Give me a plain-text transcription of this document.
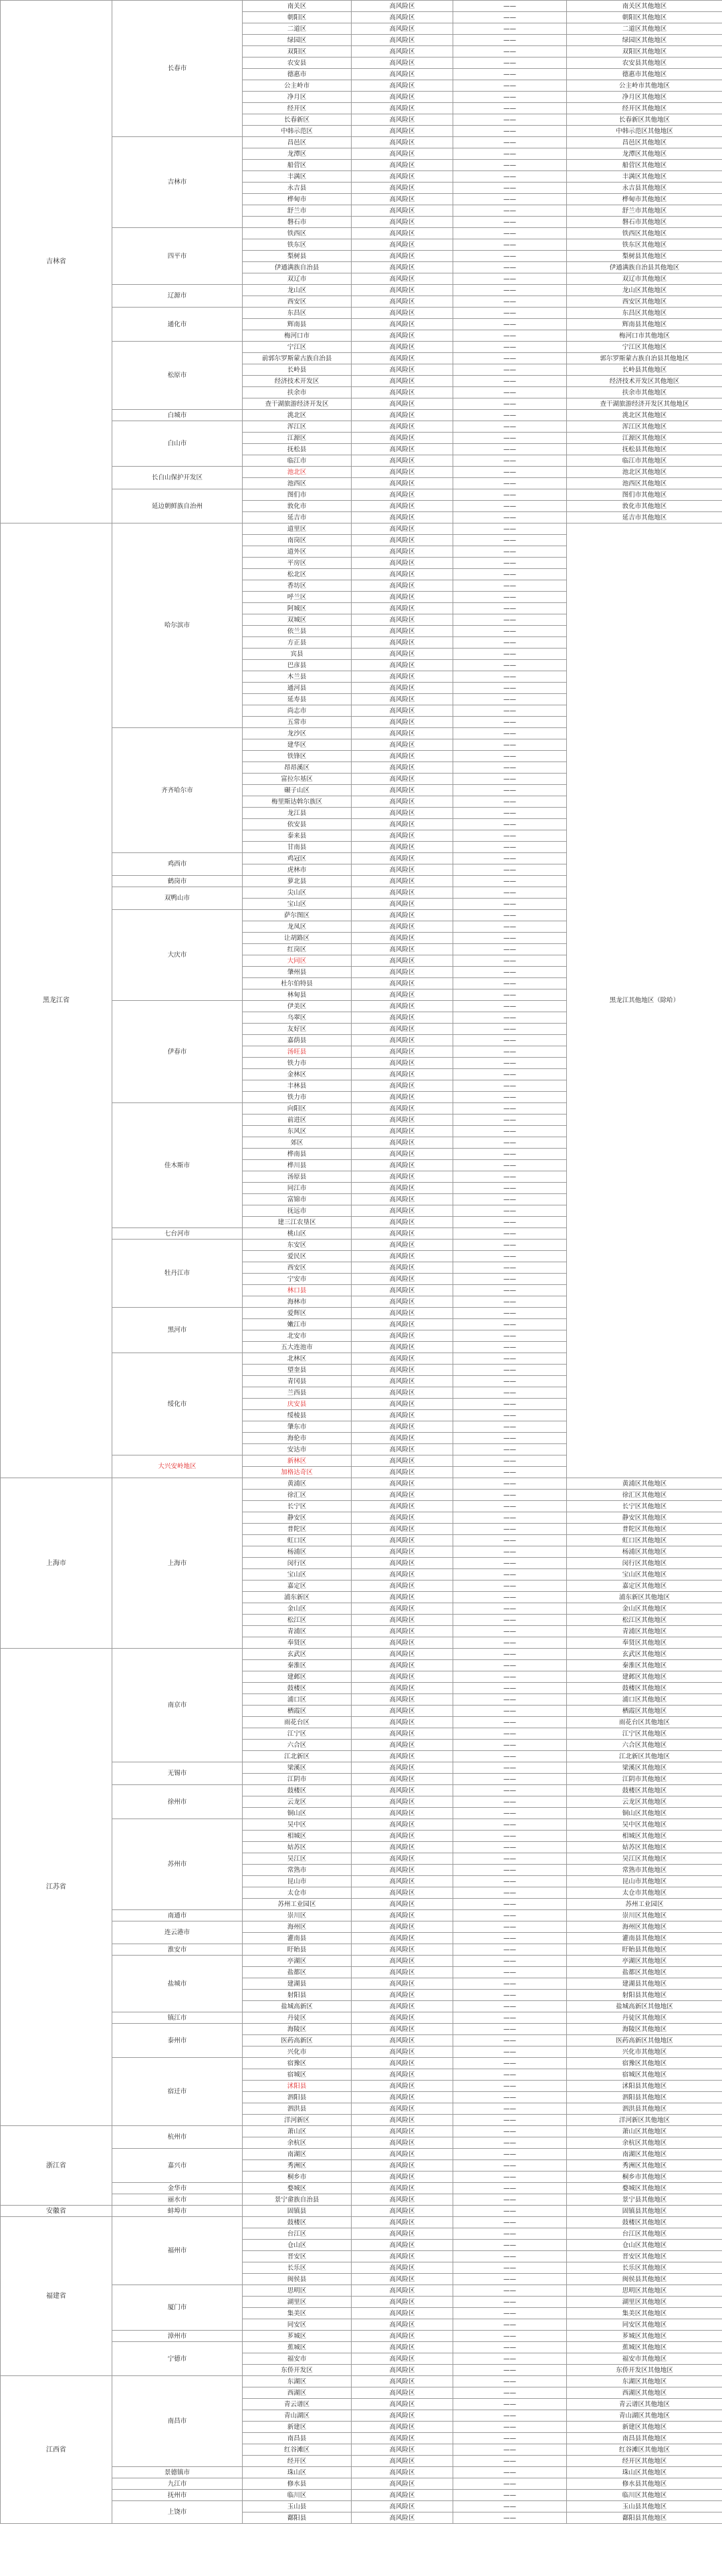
吉林省	长春市	南关区	高风险区	——	南关区其他地区	
		朝阳区	高风险区	——	朝阳区其他地区	
		二道区	高风险区	——	二道区其他地区	
		绿园区	高风险区	——	绿园区其他地区	
		双阳区	高风险区	——	双阳区其他地区	
		农安县	高风险区	——	农安县其他地区	
		德惠市	高风险区	——	德惠市其他地区	
		公主岭市	高风险区	——	公主岭市其他地区	
		净月区	高风险区	——	净月区其他地区	
		经开区	高风险区	——	经开区其他地区	
		长春新区	高风险区	——	长春新区其他地区	
		中韩示范区	高风险区	——	中韩示范区其他地区	
	吉林市	昌邑区	高风险区	——	昌邑区其他地区	
		龙潭区	高风险区	——	龙潭区其他地区	
		船营区	高风险区	——	船营区其他地区	
		丰满区	高风险区	——	丰满区其他地区	
		永吉县	高风险区	——	永吉县其他地区	
		桦甸市	高风险区	——	桦甸市其他地区	
		舒兰市	高风险区	——	舒兰市其他地区	
		磐石市	高风险区	——	磐石市其他地区	
	四平市	铁西区	高风险区	——	铁西区其他地区	
		铁东区	高风险区	——	铁东区其他地区	
		梨树县	高风险区	——	梨树县其他地区	
		伊通满族自治县	高风险区	——	伊通满族自治县其他地区	
		双辽市	高风险区	——	双辽市其他地区	
	辽源市	龙山区	高风险区	——	龙山区其他地区	
		西安区	高风险区	——	西安区其他地区	
	通化市	东昌区	高风险区	——	东昌区其他地区	
		辉南县	高风险区	——	辉南县其他地区	
		梅河口市	高风险区	——	梅河口市其他地区	
	松原市	宁江区	高风险区	——	宁江区其他地区	
		前郭尔罗斯蒙古族自治县	高风险区	——	郭尔罗斯蒙古族自治县其他地区	
		长岭县	高风险区	——	长岭县其他地区	
		经济技术开发区	高风险区	——	经济技术开发区其他地区	
		扶余市	高风险区	——	扶余市其他地区	
		查干湖旅游经济开发区	高风险区	——	查干湖旅游经济开发区其他地区	
	白城市	洮北区	高风险区	——	洮北区其他地区	
	白山市	浑江区	高风险区	——	浑江区其他地区	
		江源区	高风险区	——	江源区其他地区	
		抚松县	高风险区	——	抚松县其他地区	
		临江市	高风险区	——	临江市其他地区	
	长白山保护开发区	池北区	高风险区	——	池北区其他地区	
		池西区	高风险区	——	池西区其他地区	
	延边朝鲜族自治州	图们市	高风险区	——	图们市其他地区	
		敦化市	高风险区	——	敦化市其他地区	
		延吉市	高风险区	——	延吉市其他地区	
黑龙江省	哈尔滨市	道里区	高风险区	——	黑龙江其他地区（除哈）	
		南岗区	高风险区	——	
		道外区	高风险区	——	
		平房区	高风险区	——	
		松北区	高风险区	——	
		香坊区	高风险区	——	
		呼兰区	高风险区	——	
		阿城区	高风险区	——	
		双城区	高风险区	——	
		依兰县	高风险区	——	
		方正县	高风险区	——	
		宾县	高风险区	——	
		巴彦县	高风险区	——	
		木兰县	高风险区	——	
		通河县	高风险区	——	
		延寿县	高风险区	——	
		尚志市	高风险区	——	
		五常市	高风险区	——	
	齐齐哈尔市	龙沙区	高风险区	——	
		建华区	高风险区	——	
		铁锋区	高风险区	——	
		昂昂溪区	高风险区	——	
		富拉尔基区	高风险区	——	
		碾子山区	高风险区	——	
		梅里斯达斡尔族区	高风险区	——	
		龙江县	高风险区	——	
		依安县	高风险区	——	
		泰来县	高风险区	——	
		甘南县	高风险区	——	
	鸡西市	鸡冠区	高风险区	——	
		虎林市	高风险区	——	
	鹤岗市	萝北县	高风险区	——	
	双鸭山市	尖山区	高风险区	——	
		宝山区	高风险区	——	
	大庆市	萨尔图区	高风险区	——	
		龙凤区	高风险区	——	
		让胡路区	高风险区	——	
		红岗区	高风险区	——	
		大同区	高风险区	——	
		肇州县	高风险区	——	
		杜尔伯特县	高风险区	——	
		林甸县	高风险区	——	
	伊春市	伊美区	高风险区	——	
		乌翠区	高风险区	——	
		友好区	高风险区	——	
		嘉荫县	高风险区	——	
		汤旺县	高风险区	——	
		铁力市	高风险区	——	
		金林区	高风险区	——	
		丰林县	高风险区	——	
		铁力市	高风险区	——	
	佳木斯市	向阳区	高风险区	——	
		前进区	高风险区	——	
		东风区	高风险区	——	
		郊区	高风险区	——	
		桦南县	高风险区	——	
		桦川县	高风险区	——	
		汤原县	高风险区	——	
		同江市	高风险区	——	
		富锦市	高风险区	——	
		抚远市	高风险区	——	
		建三江农垦区	高风险区	——	
	七台河市	桃山区	高风险区	——	
	牡丹江市	东安区	高风险区	——	
		爱民区	高风险区	——	
		西安区	高风险区	——	
		宁安市	高风险区	——	
		林口县	高风险区	——	
		海林市	高风险区	——	
	黑河市	爱辉区	高风险区	——	
		嫩江市	高风险区	——	
		北安市	高风险区	——	
		五大连池市	高风险区	——	
	绥化市	北林区	高风险区	——	
		望奎县	高风险区	——	
		青冈县	高风险区	——	
		兰西县	高风险区	——	
		庆安县	高风险区	——	
		绥棱县	高风险区	——	
		肇东市	高风险区	——	
		海伦市	高风险区	——	
		安达市	高风险区	——	
	大兴安岭地区	新林区	高风险区	——	
		加格达奇区	高风险区	——	
上海市	上海市	黄浦区	高风险区	——	黄浦区其他地区	
		徐汇区	高风险区	——	徐汇区其他地区	
		长宁区	高风险区	——	长宁区其他地区	
		静安区	高风险区	——	静安区其他地区	
		普陀区	高风险区	——	普陀区其他地区	
		虹口区	高风险区	——	虹口区其他地区	
		杨浦区	高风险区	——	杨浦区其他地区	
		闵行区	高风险区	——	闵行区其他地区	
		宝山区	高风险区	——	宝山区其他地区	
		嘉定区	高风险区	——	嘉定区其他地区	
		浦东新区	高风险区	——	浦东新区其他地区	
		金山区	高风险区	——	金山区其他地区	
		松江区	高风险区	——	松江区其他地区	
		青浦区	高风险区	——	青浦区其他地区	
		奉贤区	高风险区	——	奉贤区其他地区	
江苏省	南京市	玄武区	高风险区	——	玄武区其他地区	
		秦淮区	高风险区	——	秦淮区其他地区	
		建邺区	高风险区	——	建邺区其他地区	
		鼓楼区	高风险区	——	鼓楼区其他地区	
		浦口区	高风险区	——	浦口区其他地区	
		栖霞区	高风险区	——	栖霞区其他地区	
		雨花台区	高风险区	——	雨花台区其他地区	
		江宁区	高风险区	——	江宁区其他地区	
		六合区	高风险区	——	六合区其他地区	
		江北新区	高风险区	——	江北新区其他地区	
	无锡市	梁溪区	高风险区	——	梁溪区其他地区	
		江阴市	高风险区	——	江阴市其他地区	
	徐州市	鼓楼区	高风险区	——	鼓楼区其他地区	
		云龙区	高风险区	——	云龙区其他地区	
		铜山区	高风险区	——	铜山区其他地区	
	苏州市	吴中区	高风险区	——	吴中区其他地区	
		相城区	高风险区	——	相城区其他地区	
		姑苏区	高风险区	——	姑苏区其他地区	
		吴江区	高风险区	——	吴江区其他地区	
		常熟市	高风险区	——	常熟市其他地区	
		昆山市	高风险区	——	昆山市其他地区	
		太仓市	高风险区	——	太仓市其他地区	
		苏州工业园区	高风险区	——	苏州工业园区	
	南通市	崇川区	高风险区	——	崇川区其他地区	
	连云港市	海州区	高风险区	——	海州区其他地区	
		灌南县	高风险区	——	灌南县其他地区	
	淮安市	盱眙县	高风险区	——	盱眙县其他地区	
	盐城市	亭湖区	高风险区	——	亭湖区其他地区	
		盐都区	高风险区	——	盐都区其他地区	
		建湖县	高风险区	——	建湖县其他地区	
		射阳县	高风险区	——	射阳县其他地区	
		盐城高新区	高风险区	——	盐城高新区其他地区	
	镇江市	丹徒区	高风险区	——	丹徒区其他地区	
	泰州市	海陵区	高风险区	——	海陵区其他地区	
		医药高新区	高风险区	——	医药高新区其他地区	
		兴化市	高风险区	——	兴化市其他地区	
	宿迁市	宿豫区	高风险区	——	宿豫区其他地区	
		宿城区	高风险区	——	宿城区其他地区	
		沭阳县	高风险区	——	沭阳县其他地区	
		泗阳县	高风险区	——	泗阳县其他地区	
		泗洪县	高风险区	——	泗洪县其他地区	
		洋河新区	高风险区	——	洋河新区其他地区	
浙江省	杭州市	萧山区	高风险区	——	萧山区其他地区	
		余杭区	高风险区	——	余杭区其他地区	
	嘉兴市	南湖区	高风险区	——	南湖区其他地区	
		秀洲区	高风险区	——	秀洲区其他地区	
		桐乡市	高风险区	——	桐乡市其他地区	
	金华市	婺城区	高风险区	——	婺城区其他地区	
	丽水市	景宁畲族自治县	高风险区	——	景宁县其他地区	
安徽省	蚌埠市	固镇县	高风险区	——	固镇县其他地区	
福建省	福州市	鼓楼区	高风险区	——	鼓楼区其他地区	
		台江区	高风险区	——	台江区其他地区	
		仓山区	高风险区	——	仓山区其他地区	
		晋安区	高风险区	——	晋安区其他地区	
		长乐区	高风险区	——	长乐区其他地区	
		闽侯县	高风险区	——	闽侯县其他地区	
	厦门市	思明区	高风险区	——	思明区其他地区	
		湖里区	高风险区	——	湖里区其他地区	
		集美区	高风险区	——	集美区其他地区	
		同安区	高风险区	——	同安区其他地区	
	漳州市	芗城区	高风险区	——	芗城区其他地区	
	宁德市	蕉城区	高风险区	——	蕉城区其他地区	
		福安市	高风险区	——	福安市其他地区	
		东侨开发区	高风险区	——	东侨开发区其他地区	
江西省	南昌市	东湖区	高风险区	——	东湖区其他地区	
		西湖区	高风险区	——	西湖区其他地区	
		青云谱区	高风险区	——	青云谱区其他地区	
		青山湖区	高风险区	——	青山湖区其他地区	
		新建区	高风险区	——	新建区其他地区	
		南昌县	高风险区	——	南昌县其他地区	
		红谷滩区	高风险区	——	红谷滩区其他地区	
		经开区	高风险区	——	经开区其他地区	
	景德镇市	珠山区	高风险区	——	珠山区其他地区	
	九江市	修水县	高风险区	——	修水县其他地区	
	抚州市	临川区	高风险区	——	临川区其他地区	
	上饶市	玉山县	高风险区	——	玉山县其他地区	
		鄱阳县	高风险区	——	鄱阳县其他地区	
